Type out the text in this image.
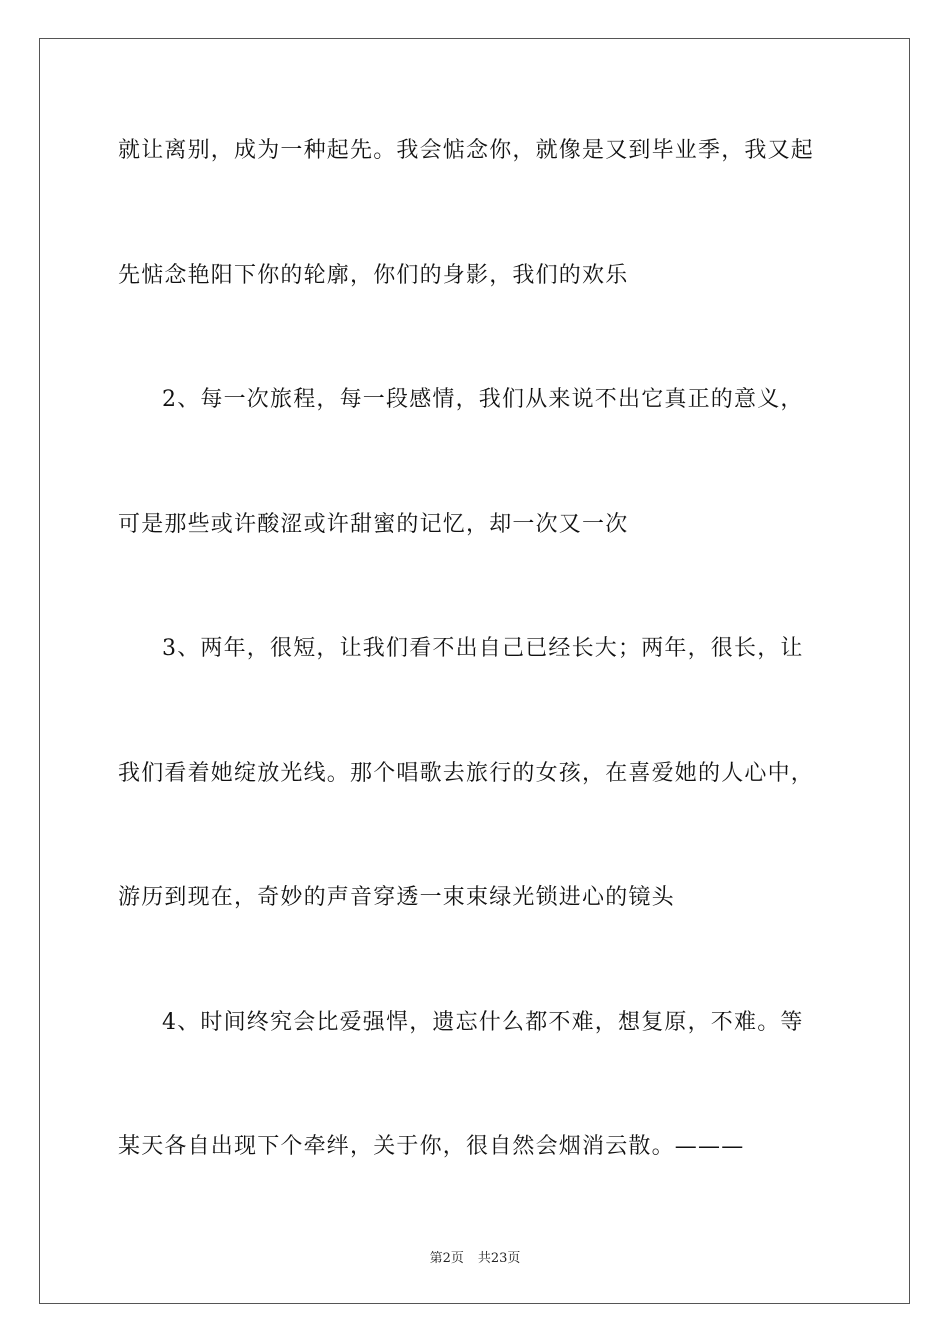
就让离别，成为一种起先。我会惦念你，就像是又到毕业季，我又起
先惦念艳阳下你的轮廓，你们的身影，我们的欢乐
2、每一次旅程，每一段感情，我们从来说不出它真正的意义，
可是那些或许酸涩或许甜蜜的记忆，却一次又一次
3、两年，很短，让我们看不出自己已经长大；两年，很长，让
我们看着她绽放光线。那个唱歌去旅行的女孩，在喜爱她的人心中，
游历到现在，奇妙的声音穿透一束束绿光锁进心的镜头
4、时间终究会比爱强悍，遗忘什么都不难，想复原，不难。等
某天各自出现下个牵绊，关于你，很自然会烟消云散。———
第2页 共23页
